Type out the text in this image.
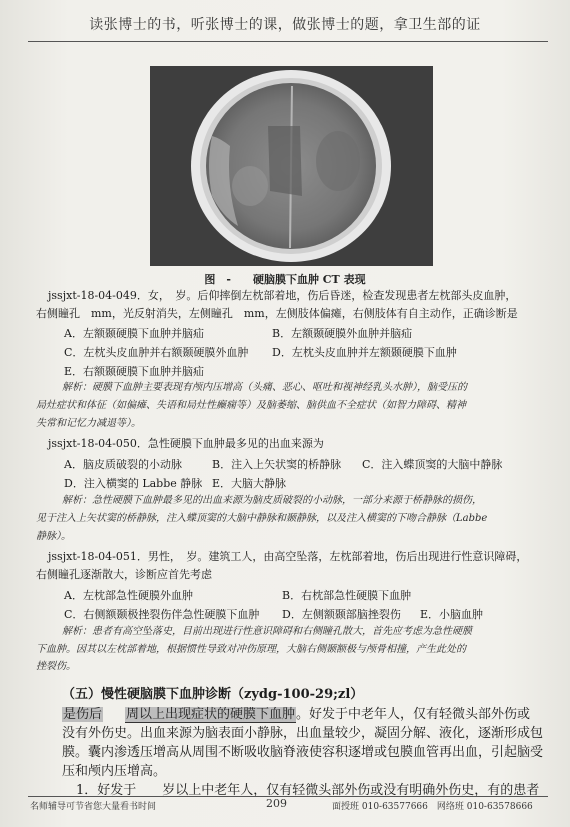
读张博士的书，听张博士的课，做张博士的题，拿卫生部的证
图　-　　硬脑膜下血肿 CT 表现
jssjxt-18-04-049．女，　岁。后仰摔倒左枕部着地，伤后昏迷，检查发现患者左枕部头皮血肿，
右侧瞳孔　mm，光反射消失，左侧瞳孔　mm，左侧肢体偏瘫，右侧肢体有自主动作，正确诊断是
A．左额颞硬膜下血肿并脑疝	B．左额颞硬膜外血肿并脑疝
C．左枕头皮血肿并右额颞硬膜外血肿 D．左枕头皮血肿并左额颞硬膜下血肿
E．右额颞硬膜下血肿并脑疝
解析：硬膜下血肿主要表现有颅内压增高（头痛、恶心、呕吐和视神经乳头水肿），脑受压的
局灶症状和体征（如偏瘫、失语和局灶性癫痫等）及脑萎缩、脑供血不全症状（如智力障碍、精神
失常和记忆力减退等）。
jssjxt-18-04-050．急性硬膜下血肿最多见的出血来源为
A．脑皮质破裂的小动脉	B．注入上矢状窦的桥静脉 C．注入蝶顶窦的大脑中静脉
D．注入横窦的 Labbe 静脉 E．大脑大静脉
解析：急性硬膜下血肿最多见的出血来源为脑皮质破裂的小动脉，一部分来源于桥静脉的损伤，
见于注入上矢状窦的桥静脉，注入蝶顶窦的大脑中静脉和颞静脉，以及注入横窦的下吻合静脉（Labbe
静脉）。
jssjxt-18-04-051．男性，　岁。建筑工人，由高空坠落，左枕部着地，伤后出现进行性意识障碍，
右侧瞳孔逐渐散大，诊断应首先考虑
A．左枕部急性硬膜外血肿	B．右枕部急性硬膜下血肿
C．右侧额颞极挫裂伤伴急性硬膜下血肿 D．左侧额颞部脑挫裂伤 E．小脑血肿
解析：患者有高空坠落史，目前出现进行性意识障碍和右侧瞳孔散大，首先应考虑为急性硬膜
下血肿。因其以左枕部着地，根据惯性导致对冲伤原理，大脑右侧颞额极与颅骨相撞，产生此处的
挫裂伤。
（五）慢性硬脑膜下血肿诊断（zydg-100-29;zl）
是伤后 周以上出现症状的硬膜下血肿。好发于中老年人，仅有轻微头部外伤或
没有外伤史。出血来源为脑表面小静脉，出血量较少，凝固分解、液化，逐渐形成包
膜。囊内渗透压增高从周围不断吸收脑脊液使容积逐增或包膜血管再出血，引起脑受
压和颅内压增高。
1．好发于　　岁以上中老年人，仅有轻微头部外伤或没有明确外伤史，有的患者
名师辅导可节省您大量看书时间	209	面授班 010-63577666　网络班 010-63578666
